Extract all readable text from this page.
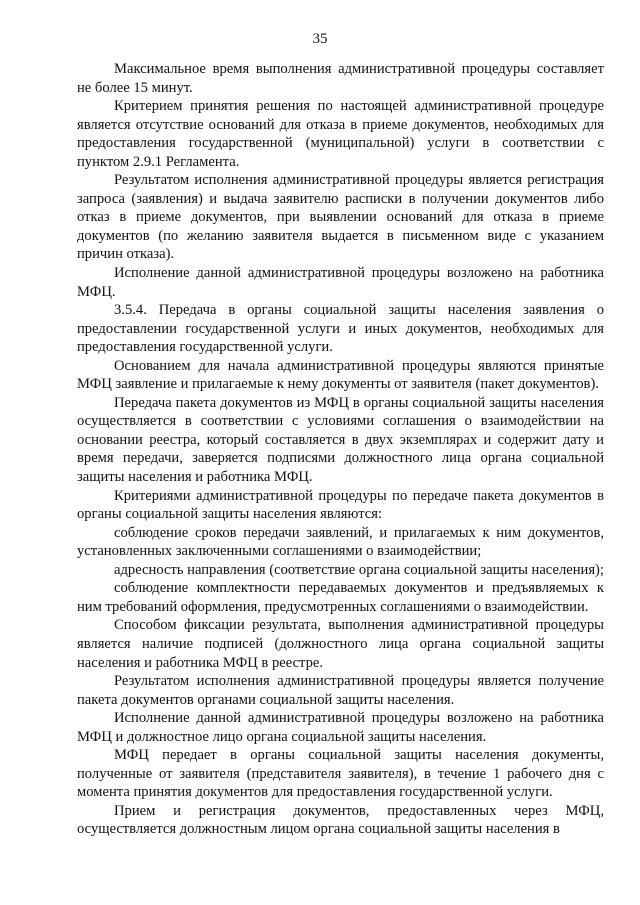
35

Максимальное время выполнения административной процедуры составляет не более 15 минут.

Критерием принятия решения по настоящей административной процедуре является отсутствие оснований для отказа в приеме документов, необходимых для предоставления государственной (муниципальной) услуги в соответствии с пунктом 2.9.1 Регламента.

Результатом исполнения административной процедуры является регистрация запроса (заявления) и выдача заявителю расписки в получении документов либо отказ в приеме документов, при выявлении оснований для отказа в приеме документов (по желанию заявителя выдается в письменном виде с указанием причин отказа).

Исполнение данной административной процедуры возложено на работника МФЦ.

3.5.4. Передача в органы социальной защиты населения заявления о предоставлении государственной услуги и иных документов, необходимых для предоставления государственной услуги.

Основанием для начала административной процедуры являются принятые МФЦ заявление и прилагаемые к нему документы от заявителя (пакет документов).

Передача пакета документов из МФЦ в органы социальной защиты населения осуществляется в соответствии с условиями соглашения о взаимодействии на основании реестра, который составляется в двух экземплярах и содержит дату и время передачи, заверяется подписями должностного лица органа социальной защиты населения и работника МФЦ.

Критериями административной процедуры по передаче пакета документов в органы социальной защиты населения являются:

соблюдение сроков передачи заявлений, и прилагаемых к ним документов, установленных заключенными соглашениями о взаимодействии;

адресность направления (соответствие органа социальной защиты населения);

соблюдение комплектности передаваемых документов и предъявляемых к ним требований оформления, предусмотренных соглашениями о взаимодействии.

Способом фиксации результата, выполнения административной процедуры является наличие подписей (должностного лица органа социальной защиты населения и работника МФЦ в реестре.

Результатом исполнения административной процедуры является получение пакета документов органами социальной защиты населения.

Исполнение данной административной процедуры возложено на работника МФЦ и должностное лицо органа социальной защиты населения.

МФЦ передает в органы социальной защиты населения документы, полученные от заявителя (представителя заявителя), в течение 1 рабочего дня с момента принятия документов для предоставления государственной услуги.

Прием и регистрация документов, предоставленных через МФЦ, осуществляется должностным лицом органа социальной защиты населения в
